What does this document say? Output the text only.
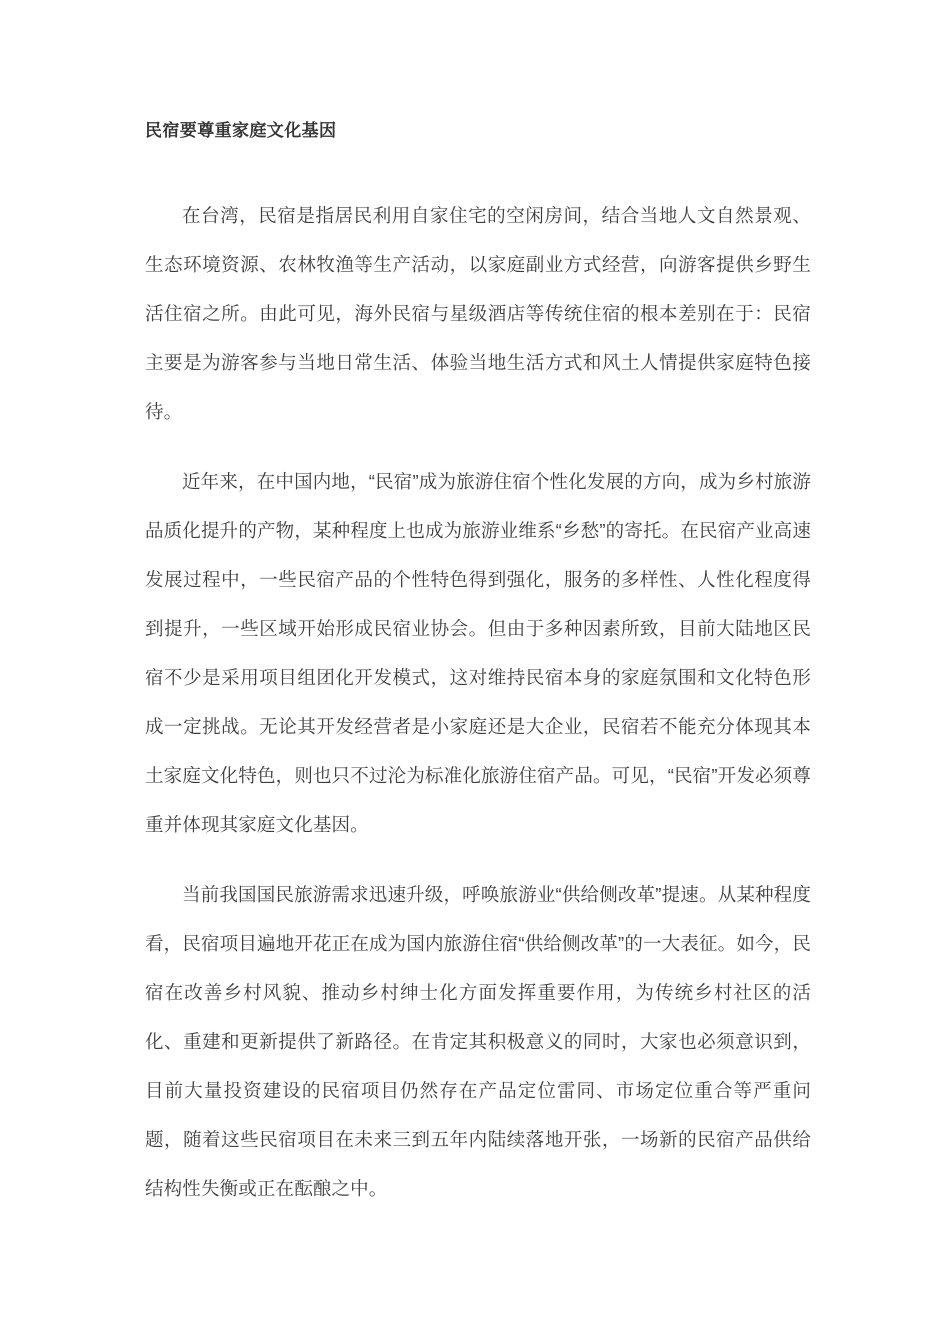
民宿要尊重家庭文化基因

在台湾，民宿是指居民利用自家住宅的空闲房间，结合当地人文自然景观、生态环境资源、农林牧渔等生产活动，以家庭副业方式经营，向游客提供乡野生活住宿之所。由此可见，海外民宿与星级酒店等传统住宿的根本差别在于：民宿主要是为游客参与当地日常生活、体验当地生活方式和风土人情提供家庭特色接待。

近年来，在中国内地，“民宿”成为旅游住宿个性化发展的方向，成为乡村旅游品质化提升的产物，某种程度上也成为旅游业维系“乡愁”的寄托。在民宿产业高速发展过程中，一些民宿产品的个性特色得到强化，服务的多样性、人性化程度得到提升，一些区域开始形成民宿业协会。但由于多种因素所致，目前大陆地区民宿不少是采用项目组团化开发模式，这对维持民宿本身的家庭氛围和文化特色形成一定挑战。无论其开发经营者是小家庭还是大企业，民宿若不能充分体现其本土家庭文化特色，则也只不过沦为标准化旅游住宿产品。可见，“民宿”开发必须尊重并体现其家庭文化基因。

当前我国国民旅游需求迅速升级，呼唤旅游业“供给侧改革”提速。从某种程度看，民宿项目遍地开花正在成为国内旅游住宿“供给侧改革”的一大表征。如今，民宿在改善乡村风貌、推动乡村绅士化方面发挥重要作用，为传统乡村社区的活化、重建和更新提供了新路径。在肯定其积极意义的同时，大家也必须意识到，目前大量投资建设的民宿项目仍然存在产品定位雷同、市场定位重合等严重问题，随着这些民宿项目在未来三到五年内陆续落地开张，一场新的民宿产品供给结构性失衡或正在酝酿之中。
